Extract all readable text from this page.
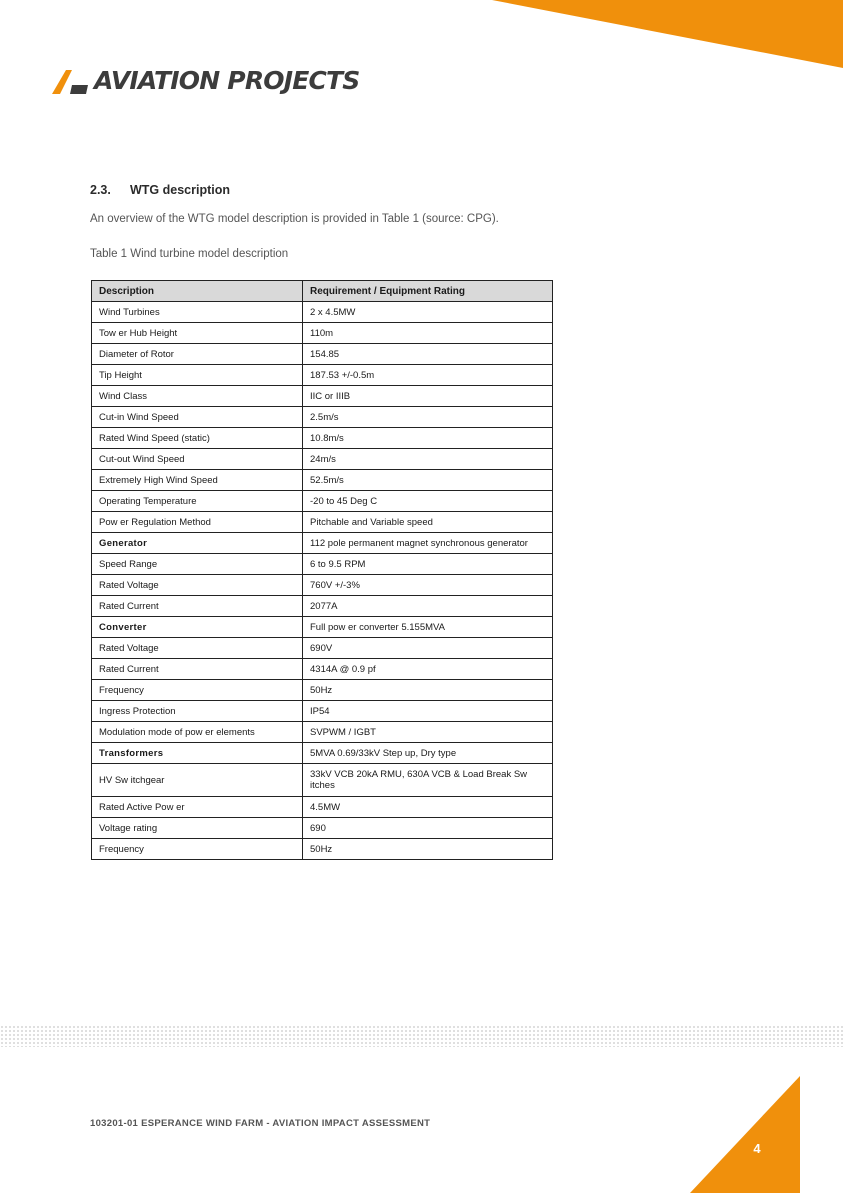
AVIATION PROJECTS
2.3. WTG description
An overview of the WTG model description is provided in Table 1 (source: CPG).
Table 1 Wind turbine model description
Description	Requirement / Equipment Rating
Wind Turbines	2 x 4.5MW
Tow er Hub Height	110m
Diameter of Rotor	154.85
Tip Height	187.53 +/-0.5m
Wind Class	IIC or IIIB
Cut-in Wind Speed	2.5m/s
Rated Wind Speed (static)	10.8m/s
Cut-out Wind Speed	24m/s
Extremely High Wind Speed	52.5m/s
Operating Temperature	-20 to 45 Deg C
Pow er Regulation Method	Pitchable and Variable speed
Generator	112 pole permanent magnet synchronous generator
Speed Range	6 to 9.5 RPM
Rated Voltage	760V +/-3%
Rated Current	2077A
Converter	Full pow er converter 5.155MVA
Rated Voltage	690V
Rated Current	4314A @ 0.9 pf
Frequency	50Hz
Ingress Protection	IP54
Modulation mode of pow er elements	SVPWM / IGBT
Transformers	5MVA 0.69/33kV Step up, Dry type
HV Sw itchgear	33kV VCB 20kA RMU, 630A VCB & Load Break Sw itches
Rated Active Pow er	4.5MW
Voltage rating	690
Frequency	50Hz
103201-01 ESPERANCE WIND FARM - AVIATION IMPACT ASSESSMENT
4
